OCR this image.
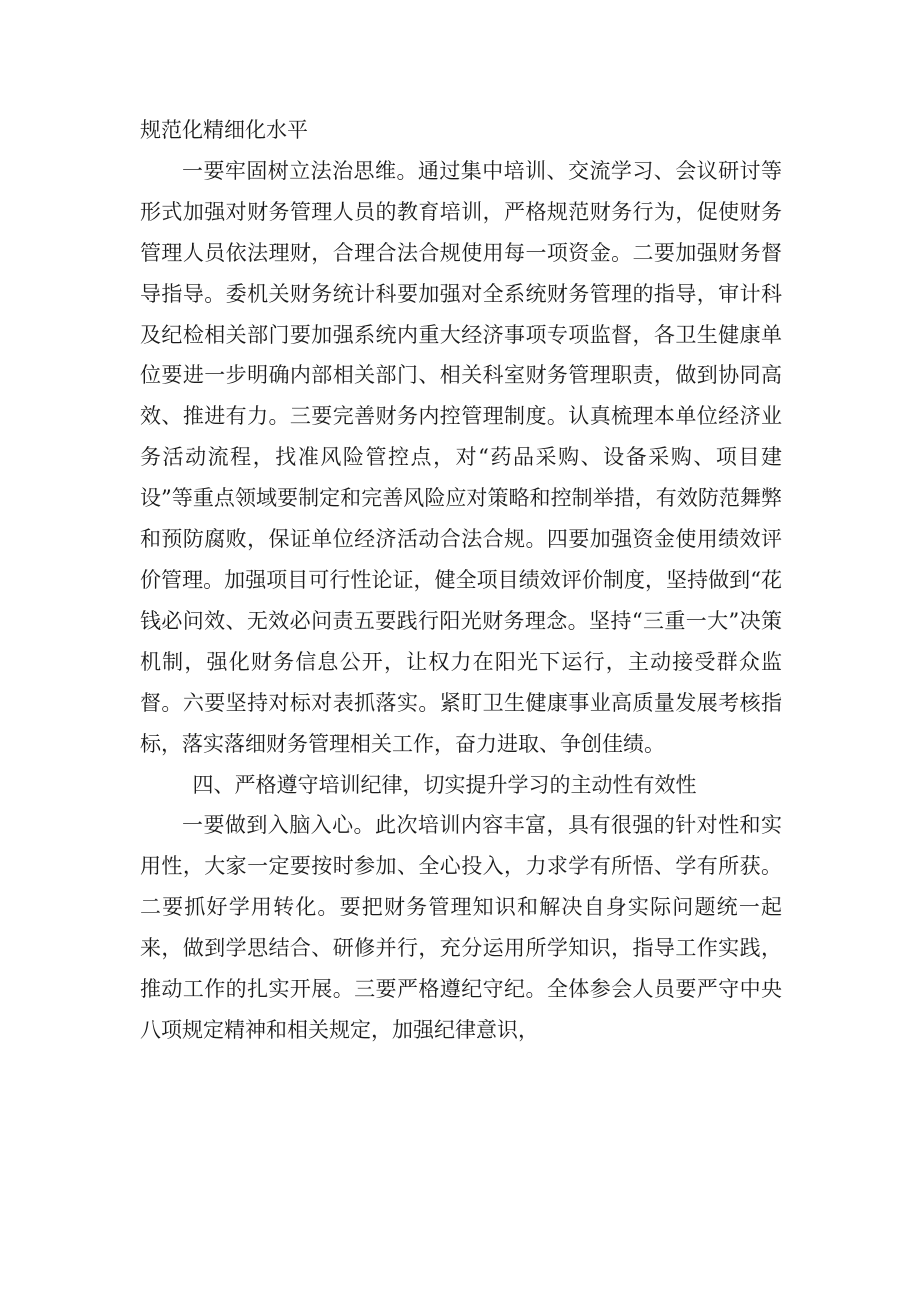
规范化精细化水平

一要牢固树立法治思维。通过集中培训、交流学习、会议研讨等形式加强对财务管理人员的教育培训，严格规范财务行为，促使财务管理人员依法理财，合理合法合规使用每一项资金。二要加强财务督导指导。委机关财务统计科要加强对全系统财务管理的指导，审计科及纪检相关部门要加强系统内重大经济事项专项监督，各卫生健康单位要进一步明确内部相关部门、相关科室财务管理职责，做到协同高效、推进有力。三要完善财务内控管理制度。认真梳理本单位经济业务活动流程，找准风险管控点，对“药品采购、设备采购、项目建设”等重点领域要制定和完善风险应对策略和控制举措，有效防范舞弊和预防腐败，保证单位经济活动合法合规。四要加强资金使用绩效评价管理。加强项目可行性论证，健全项目绩效评价制度，坚持做到“花钱必问效、无效必问责五要践行阳光财务理念。坚持“三重一大”决策机制，强化财务信息公开，让权力在阳光下运行，主动接受群众监督。六要坚持对标对表抓落实。紧盯卫生健康事业高质量发展考核指标，落实落细财务管理相关工作，奋力进取、争创佳绩。

四、严格遵守培训纪律，切实提升学习的主动性有效性

一要做到入脑入心。此次培训内容丰富，具有很强的针对性和实用性，大家一定要按时参加、全心投入，力求学有所悟、学有所获。二要抓好学用转化。要把财务管理知识和解决自身实际问题统一起来，做到学思结合、研修并行，充分运用所学知识，指导工作实践，推动工作的扎实开展。三要严格遵纪守纪。全体参会人员要严守中央八项规定精神和相关规定，加强纪律意识，
